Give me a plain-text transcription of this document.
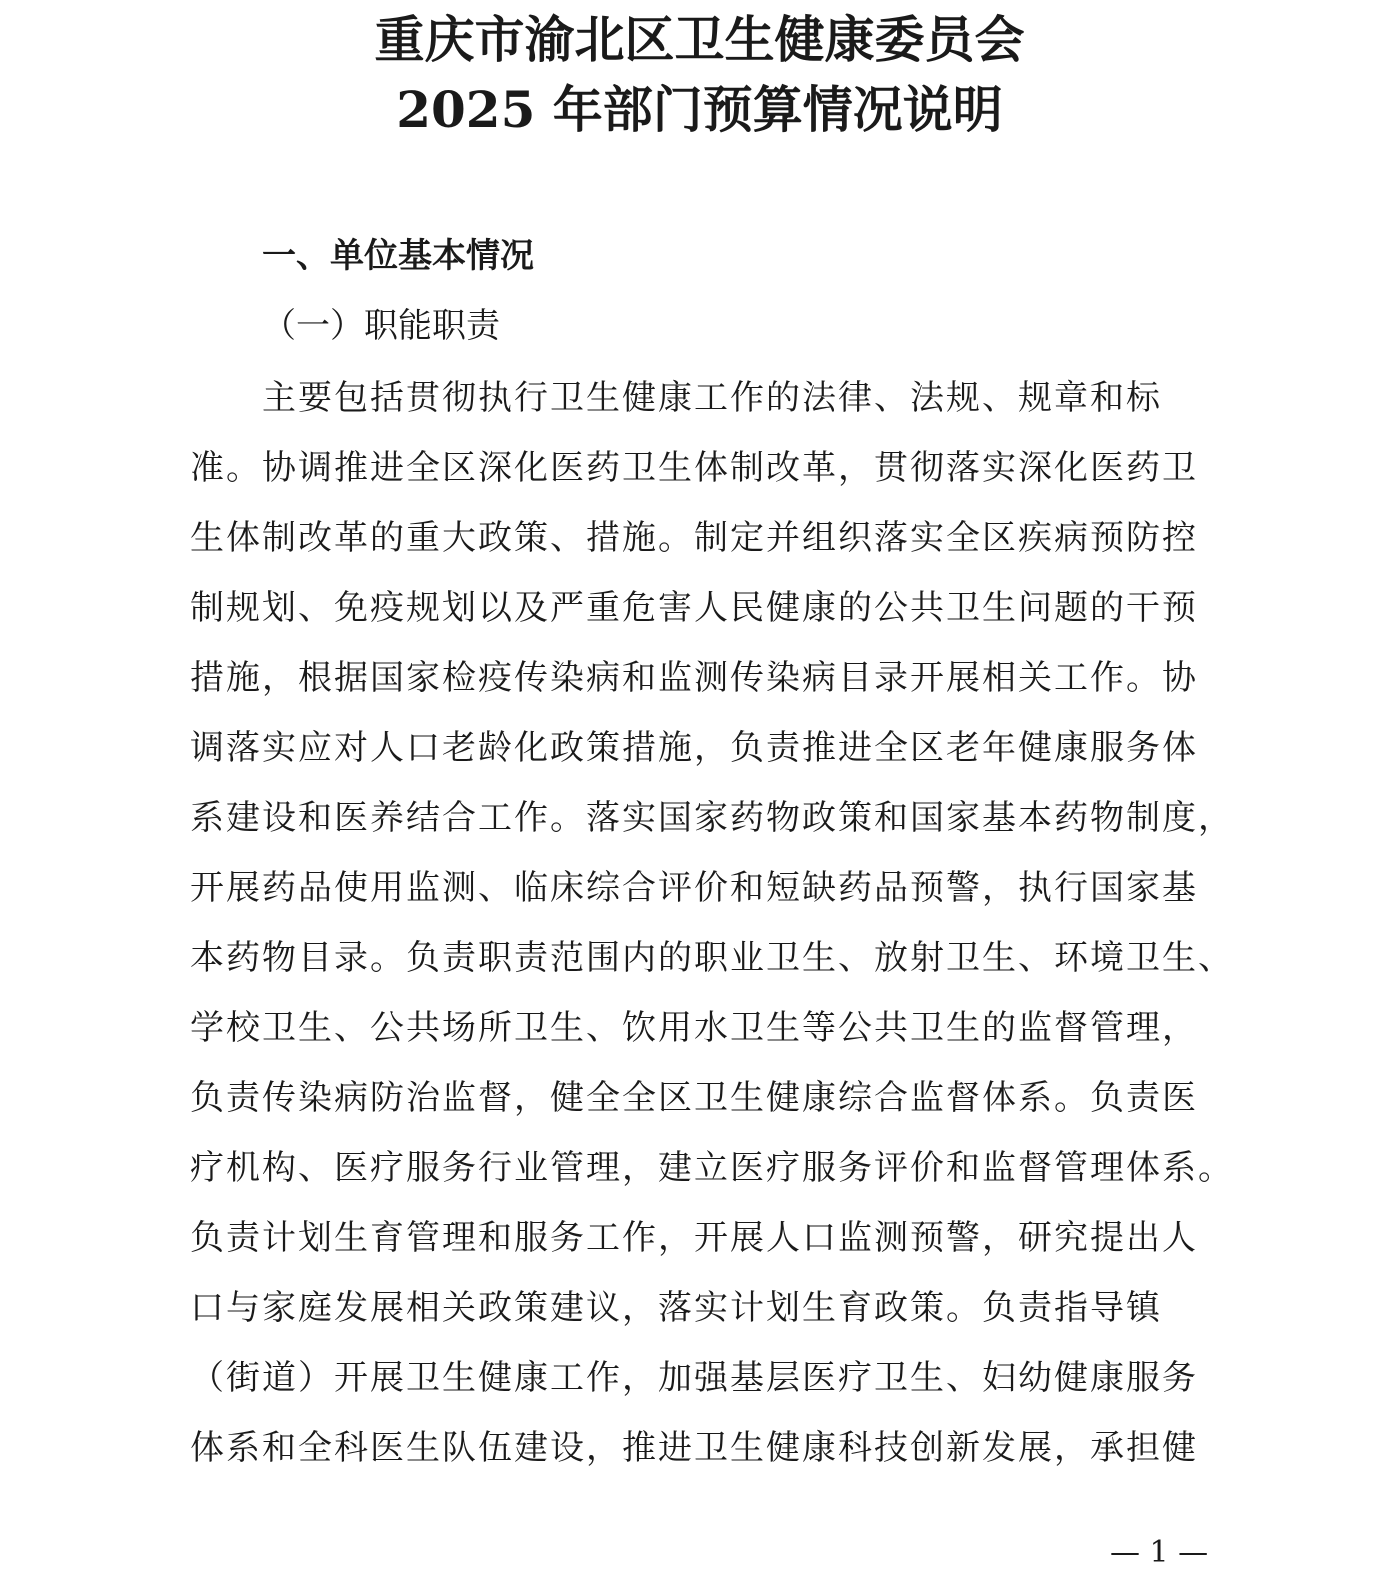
重庆市渝北区卫生健康委员会
2025 年部门预算情况说明
一、单位基本情况
（一）职能职责
主要包括贯彻执行卫生健康工作的法律、法规、规章和标
准。协调推进全区深化医药卫生体制改革，贯彻落实深化医药卫
生体制改革的重大政策、措施。制定并组织落实全区疾病预防控
制规划、免疫规划以及严重危害人民健康的公共卫生问题的干预
措施，根据国家检疫传染病和监测传染病目录开展相关工作。协
调落实应对人口老龄化政策措施，负责推进全区老年健康服务体
系建设和医养结合工作。落实国家药物政策和国家基本药物制度，
开展药品使用监测、临床综合评价和短缺药品预警，执行国家基
本药物目录。负责职责范围内的职业卫生、放射卫生、环境卫生、
学校卫生、公共场所卫生、饮用水卫生等公共卫生的监督管理，
负责传染病防治监督，健全全区卫生健康综合监督体系。负责医
疗机构、医疗服务行业管理，建立医疗服务评价和监督管理体系。
负责计划生育管理和服务工作，开展人口监测预警，研究提出人
口与家庭发展相关政策建议，落实计划生育政策。负责指导镇
（街道）开展卫生健康工作，加强基层医疗卫生、妇幼健康服务
体系和全科医生队伍建设，推进卫生健康科技创新发展，承担健
— 1 —
